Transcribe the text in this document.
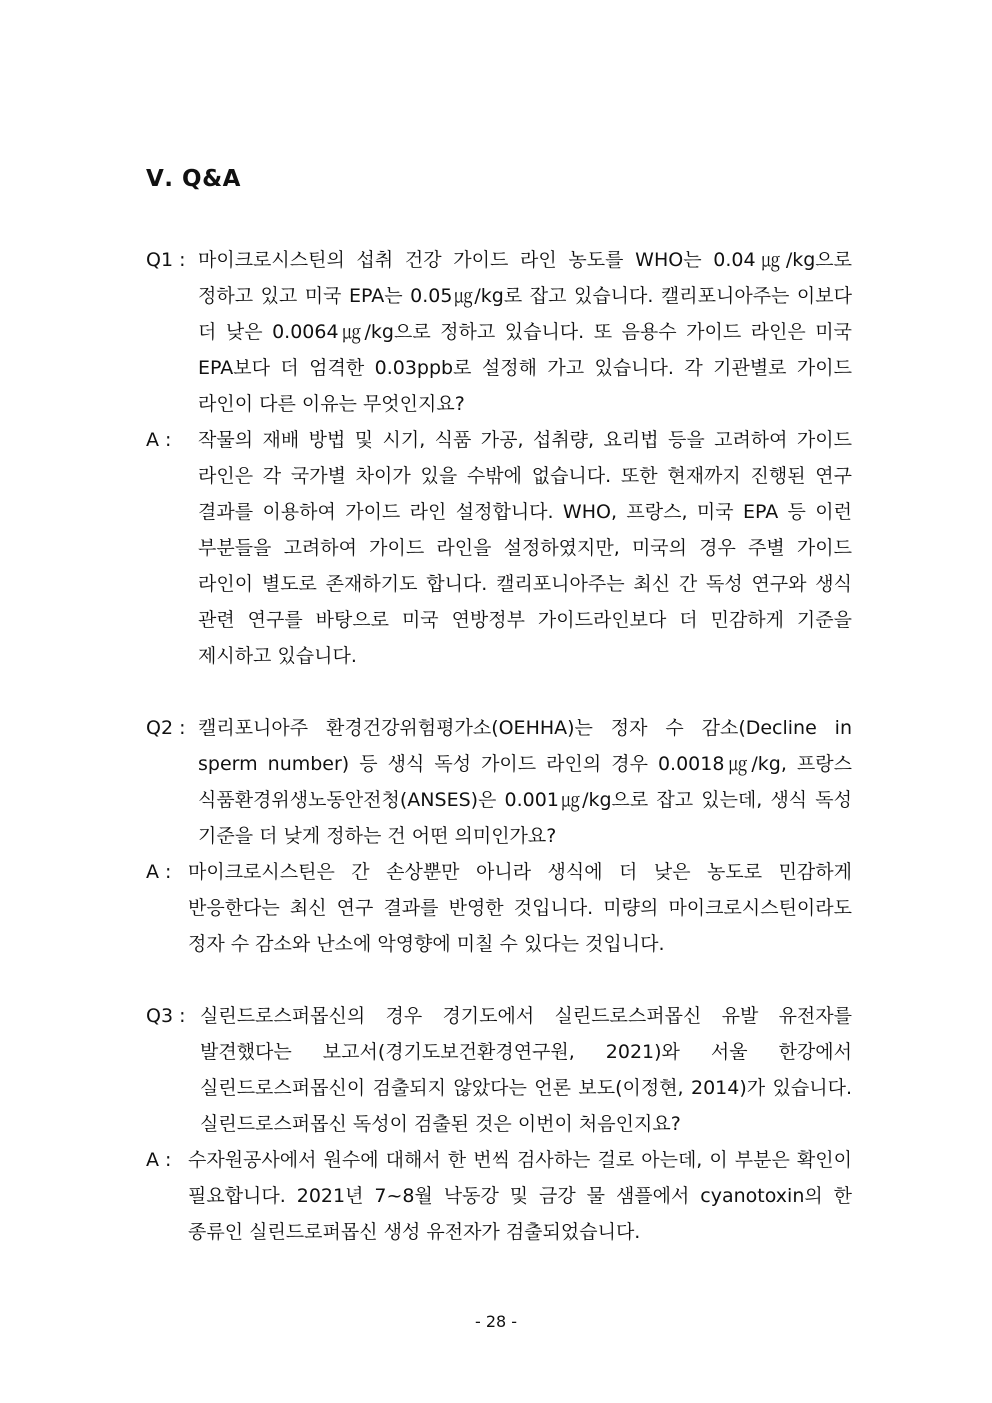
Ⅴ. Q&A
Q1 : 마이크로시스틴의 섭취 건강 가이드 라인 농도를 WHO는 0.04㎍/kg으로 정하고 있고 미국 EPA는 0.05㎍/kg로 잡고 있습니다. 캘리포니아주는 이보다 더 낮은 0.0064㎍/kg으로 정하고 있습니다. 또 음용수 가이드 라인은 미국 EPA보다 더 엄격한 0.03ppb로 설정해 가고 있습니다. 각 기관별로 가이드 라인이 다른 이유는 무엇인지요?
A :	작물의 재배 방법 및 시기, 식품 가공, 섭취량, 요리법 등을 고려하여 가이드 라인은 각 국가별 차이가 있을 수밖에 없습니다. 또한 현재까지 진행된 연구 결과를 이용하여 가이드 라인 설정합니다. WHO, 프랑스, 미국 EPA 등 이런 부분들을 고려하여 가이드 라인을 설정하였지만, 미국의 경우 주별 가이드 라인이 별도로 존재하기도 합니다. 캘리포니아주는 최신 간 독성 연구와 생식 관련 연구를 바탕으로 미국 연방정부 가이드라인보다 더 민감하게 기준을 제시하고 있습니다.
Q2 : 캘리포니아주 환경건강위험평가소(OEHHA)는 정자 수 감소(Decline in sperm number) 등 생식 독성 가이드 라인의 경우 0.0018㎍/kg, 프랑스 식품환경위생노동안전청(ANSES)은 0.001㎍/kg으로 잡고 있는데, 생식 독성 기준을 더 낮게 정하는 건 어떤 의미인가요?
A : 마이크로시스틴은 간 손상뿐만 아니라 생식에 더 낮은 농도로 민감하게 반응한다는 최신 연구 결과를 반영한 것입니다. 미량의 마이크로시스틴이라도 정자 수 감소와 난소에 악영향에 미칠 수 있다는 것입니다.
Q3 : 실린드로스퍼몹신의 경우 경기도에서 실린드로스퍼몹신 유발 유전자를 발견했다는 보고서(경기도보건환경연구원, 2021)와 서울 한강에서 실린드로스퍼몹신이 검출되지 않았다는 언론 보도(이정현, 2014)가 있습니다. 실린드로스퍼몹신 독성이 검출된 것은 이번이 처음인지요?
A : 수자원공사에서 원수에 대해서 한 번씩 검사하는 걸로 아는데, 이 부분은 확인이 필요합니다. 2021년 7~8월 낙동강 및 금강 물 샘플에서 cyanotoxin의 한 종류인 실린드로퍼몹신 생성 유전자가 검출되었습니다.
- 28 -
